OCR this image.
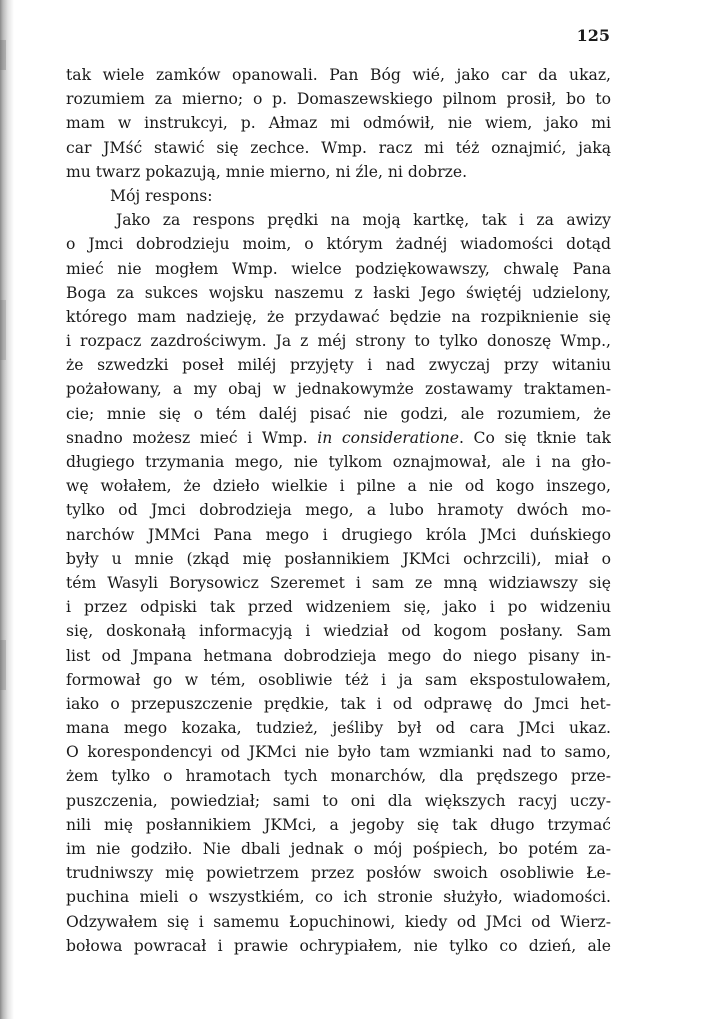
125
tak wiele zamków opanowali. Pan Bóg wié, jako car da ukaz,
rozumiem za mierno; o p. Domaszewskiego pilnom prosił, bo to
mam w instrukcyi, p. Ałmaz mi odmówił, nie wiem, jako mi
car JMść stawić się zechce. Wmp. racz mi téż oznajmić, jaką
mu twarz pokazują, mnie mierno, ni źle, ni dobrze.
Mój respons:
Jako za respons prędki na moją kartkę, tak i za awizy
o Jmci dobrodzieju moim, o którym żadnéj wiadomości dotąd
mieć nie mogłem Wmp. wielce podziękowawszy, chwalę Pana
Boga za sukces wojsku naszemu z łaski Jego świętéj udzielony,
którego mam nadzieję, że przydawać będzie na rozpiknienie się
i rozpacz zazdrościwym. Ja z méj strony to tylko donoszę Wmp.,
że szwedzki poseł miléj przyjęty i nad zwyczaj przy witaniu
pożałowany, a my obaj w jednakowymże zostawamy traktamen-
cie; mnie się o tém daléj pisać nie godzi, ale rozumiem, że
snadno możesz mieć i Wmp. in consideratione. Co się tknie tak
długiego trzymania mego, nie tylkom oznajmował, ale i na gło-
wę wołałem, że dzieło wielkie i pilne a nie od kogo inszego,
tylko od Jmci dobrodzieja mego, a lubo hramoty dwóch mo-
narchów JMMci Pana mego i drugiego króla JMci duńskiego
były u mnie (zkąd mię posłannikiem JKMci ochrzcili), miał o
tém Wasyli Borysowicz Szeremet i sam ze mną widziawszy się
i przez odpiski tak przed widzeniem się, jako i po widzeniu
się, doskonałą informacyją i wiedział od kogom posłany. Sam
list od Jmpana hetmana dobrodzieja mego do niego pisany in-
formował go w tém, osobliwie téż i ja sam ekspostulowałem,
iako o przepuszczenie prędkie, tak i od odprawę do Jmci het-
mana mego kozaka, tudzież, jeśliby był od cara JMci ukaz.
O korespondencyi od JKMci nie było tam wzmianki nad to samo,
żem tylko o hramotach tych monarchów, dla prędszego prze-
puszczenia, powiedział; sami to oni dla większych racyj uczy-
nili mię posłannikiem JKMci, a jegoby się tak długo trzymać
im nie godziło. Nie dbali jednak o mój pośpiech, bo potém za-
trudniwszy mię powietrzem przez posłów swoich osobliwie Łe-
puchina mieli o wszystkiém, co ich stronie służyło, wiadomości.
Odzywałem się i samemu Łopuchinowi, kiedy od JMci od Wierz-
bołowa powracał i prawie ochrypiałem, nie tylko co dzień, ale
